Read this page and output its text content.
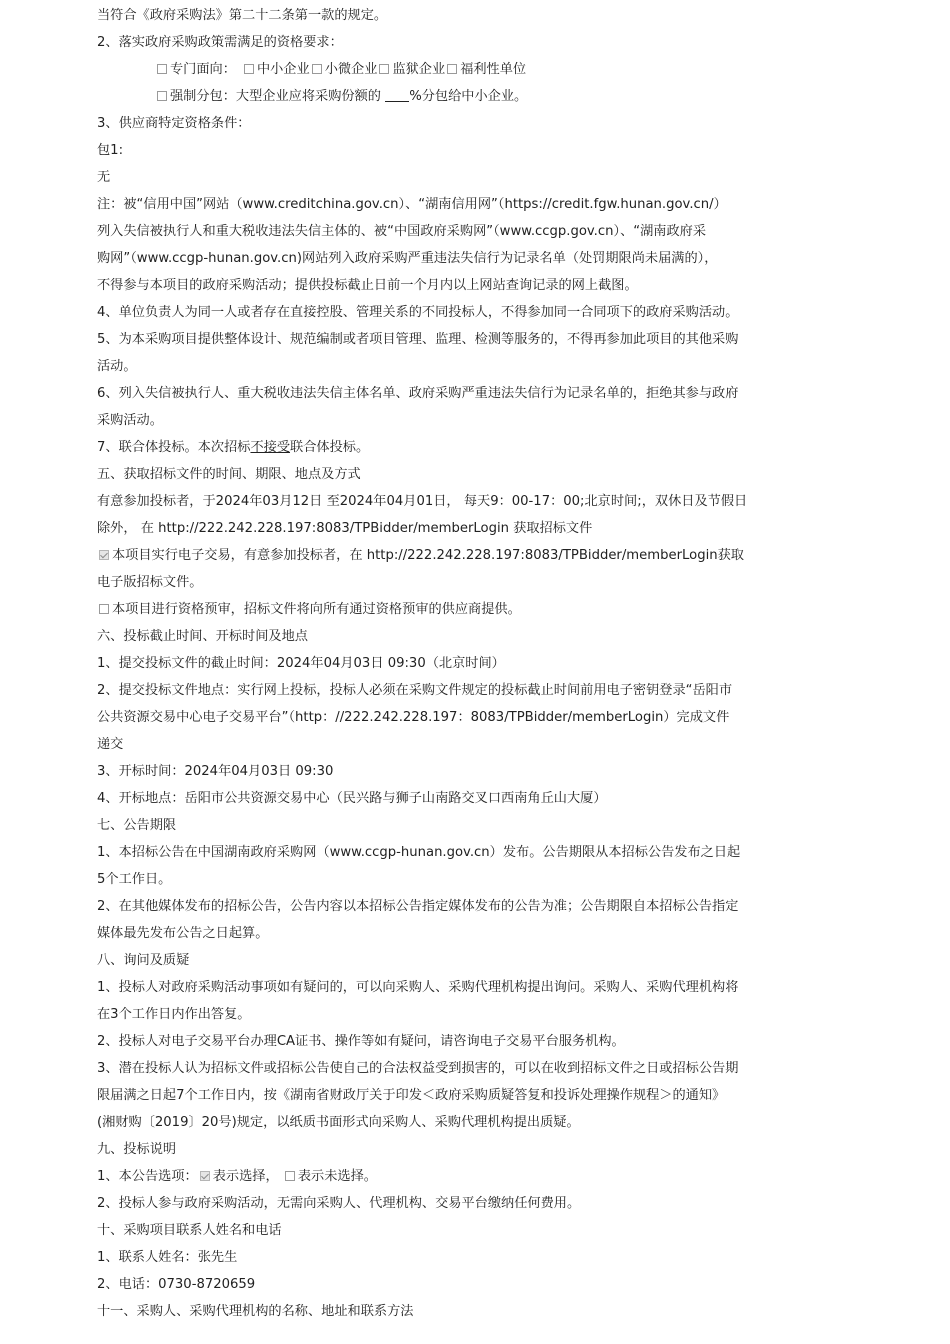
当符合《政府采购法》第二十二条第一款的规定。
2、落实政府采购政策需满足的资格要求：
专门面向： 中小企业 小微企业 监狱企业 福利性单位
强制分包：大型企业应将采购份额的 %分包给中小企业。
3、供应商特定资格条件：
包1:
无
注：被“信用中国”网站（www.creditchina.gov.cn）、“湖南信用网”（https://credit.fgw.hunan.gov.cn/）
列入失信被执行人和重大税收违法失信主体的、被“中国政府采购网”（www.ccgp.gov.cn）、“湖南政府采
购网”（www.ccgp-hunan.gov.cn)网站列入政府采购严重违法失信行为记录名单（处罚期限尚未届满的），
不得参与本项目的政府采购活动；提供投标截止日前一个月内以上网站查询记录的网上截图。
4、单位负责人为同一人或者存在直接控股、管理关系的不同投标人，不得参加同一合同项下的政府采购活动。
5、为本采购项目提供整体设计、规范编制或者项目管理、监理、检测等服务的，不得再参加此项目的其他采购
活动。
6、列入失信被执行人、重大税收违法失信主体名单、政府采购严重违法失信行为记录名单的，拒绝其参与政府
采购活动。
7、联合体投标。本次招标不接受联合体投标。
五、获取招标文件的时间、期限、地点及方式
有意参加投标者，于2024年03月12日 至2024年04月01日， 每天9：00-17：00;北京时间;，双休日及节假日
除外， 在 http://222.242.228.197:8083/TPBidder/memberLogin 获取招标文件
本项目实行电子交易，有意参加投标者，在 http://222.242.228.197:8083/TPBidder/memberLogin获取
电子版招标文件。
本项目进行资格预审，招标文件将向所有通过资格预审的供应商提供。
六、投标截止时间、开标时间及地点
1、提交投标文件的截止时间：2024年04月03日 09:30（北京时间）
2、提交投标文件地点：实行网上投标，投标人必须在采购文件规定的投标截止时间前用电子密钥登录“岳阳市
公共资源交易中心电子交易平台”（http：//222.242.228.197：8083/TPBidder/memberLogin）完成文件
递交
3、开标时间：2024年04月03日 09:30
4、开标地点：岳阳市公共资源交易中心（民兴路与狮子山南路交叉口西南角丘山大厦）
七、公告期限
1、本招标公告在中国湖南政府采购网（www.ccgp-hunan.gov.cn）发布。公告期限从本招标公告发布之日起
5个工作日。
2、在其他媒体发布的招标公告，公告内容以本招标公告指定媒体发布的公告为准；公告期限自本招标公告指定
媒体最先发布公告之日起算。
八、询问及质疑
1、投标人对政府采购活动事项如有疑问的，可以向采购人、采购代理机构提出询问。采购人、采购代理机构将
在3个工作日内作出答复。
2、投标人对电子交易平台办理CA证书、操作等如有疑问，请咨询电子交易平台服务机构。
3、潜在投标人认为招标文件或招标公告使自己的合法权益受到损害的，可以在收到招标文件之日或招标公告期
限届满之日起7个工作日内，按《湖南省财政厅关于印发＜政府采购质疑答复和投诉处理操作规程＞的通知》
(湘财购〔2019〕20号)规定，以纸质书面形式向采购人、采购代理机构提出质疑。
九、投标说明
1、本公告选项： 表示选择， 表示未选择。
2、投标人参与政府采购活动，无需向采购人、代理机构、交易平台缴纳任何费用。
十、采购项目联系人姓名和电话
1、联系人姓名：张先生
2、电话：0730-8720659
十一、采购人、采购代理机构的名称、地址和联系方法
